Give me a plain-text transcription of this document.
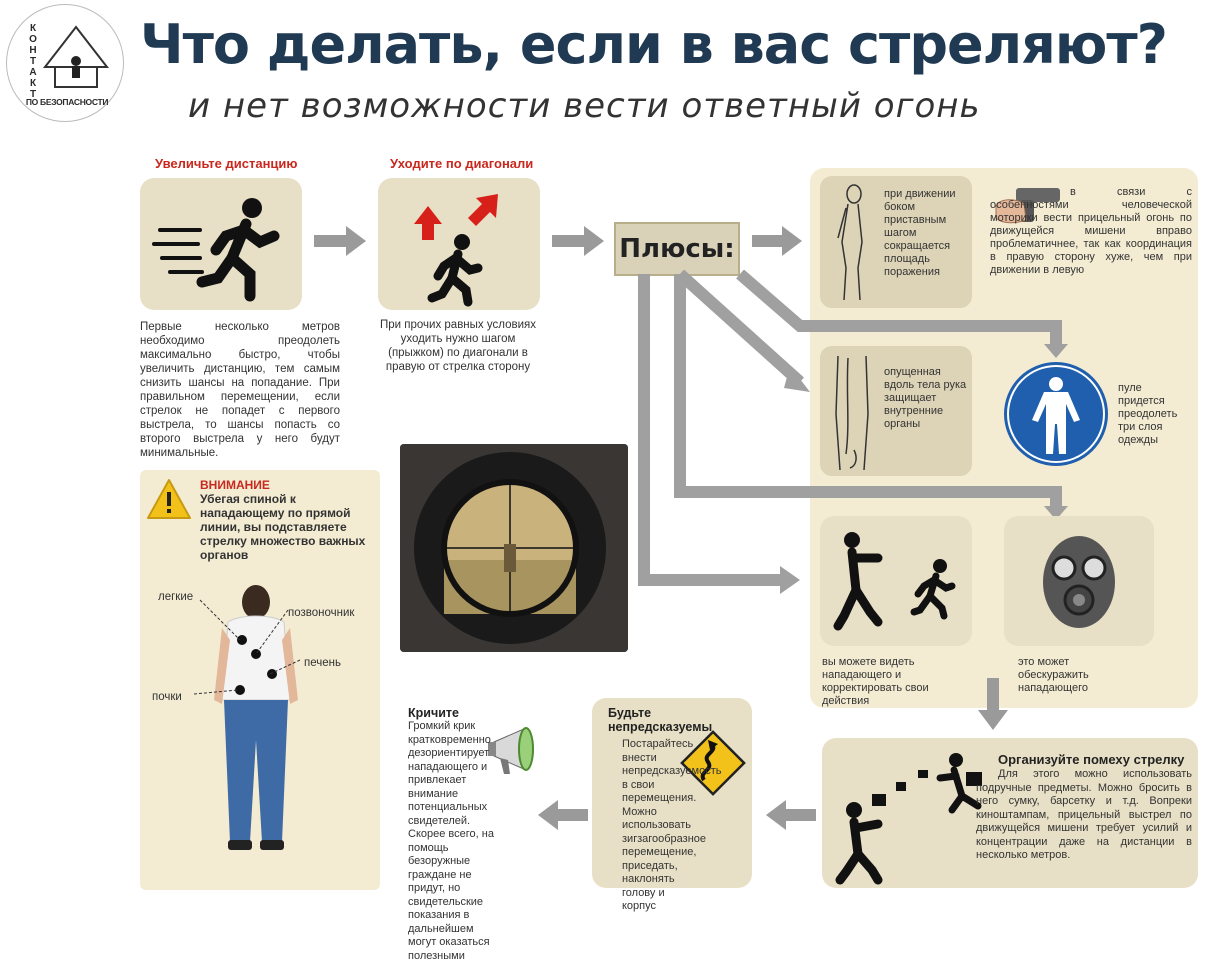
КОНТАКТ
ПО БЕЗОПАСНОСТИ
Что делать, если в вас стреляют?
и нет возможности вести ответный огонь
Увеличьте дистанцию
Первые несколько метров необходимо преодолеть максимально быстро, чтобы увеличить дистанцию, тем самым снизить шансы на попадание. При правильном перемещении, если стрелок не попадет с первого выстрела, то шансы попасть со второго выстрела у него будут минимальные.
Уходите по диагонали
При прочих равных условиях уходить нужно шагом (прыжком) по диагонали в правую от стрелка сторону
Плюсы:
при движении боком приставным шагом сокращается площадь поражения
в связи с особенностями человеческой моторики вести прицельный огонь по движущейся мишени вправо проблематичнее, так как координация в правую сторону хуже, чем при движении в левую
опущенная вдоль тела рука защищает внутренние органы
пуле придется преодолеть три слоя одежды
вы можете видеть нападающего и корректировать свои действия
это может обескуражить нападающего
ВНИМАНИЕ
Убегая спиной к нападающему по прямой линии, вы подставляете стрелку множество важных органов
легкие
позвоночник
печень
почки
Организуйте помеху стрелку
Для этого можно использовать подручные предметы. Можно бросить в него сумку, барсетку и т.д. Вопреки киноштампам, прицельный выстрел по движущейся мишени требует усилий и концентрации даже на дистанции в несколько метров.
Будьте непредсказуемы
Постарайтесь внести непредсказуемость в свои перемещения. Можно использовать зигзагообразное перемещение, приседать, наклонять голову и корпус
Кричите
Громкий крик кратковременно дезориентирует нападающего и привлекает внимание потенциальных свидетелей. Скорее всего, на помощь безоружные граждане не придут, но свидетельские показания в дальнейшем могут оказаться полезными
